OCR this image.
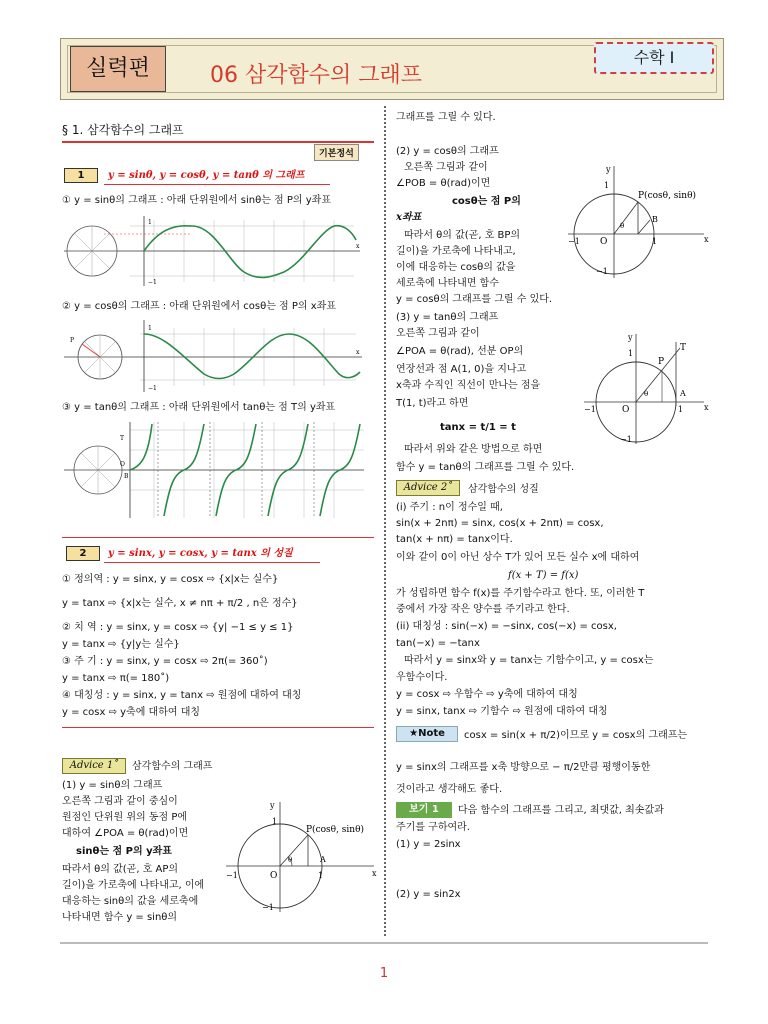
실력편	06 삼각함수의 그래프
수학 Ⅰ
§ 1. 삼각함수의 그래프
기본정석
1	y = sinθ, y = cosθ, y = tanθ 의 그래프
① y = sinθ의 그래프 : 아래 단위원에서 sinθ는 점 P의 y좌표
x
1
−1
② y = cosθ의 그래프 : 아래 단위원에서 cosθ는 점 P의 x좌표
P
1
−1
x
③ y = tanθ의 그래프 : 아래 단위원에서 tanθ는 점 T의 y좌표
T
O
B
2	y = sinx, y = cosx, y = tanx 의 성질
① 정의역 : y = sinx, y = cosx ⇨ {x|x는 실수}
y = tanx ⇨ {x|x는 실수, x ≠ nπ + π/2 , n은 정수}
② 치 역 : y = sinx, y = cosx ⇨ {y| −1 ≤ y ≤ 1}
y = tanx ⇨ {y|y는 실수}
③ 주 기 : y = sinx, y = cosx ⇨ 2π(= 360˚)
y = tanx ⇨ π(= 180˚)
④ 대칭성 : y = sinx, y = tanx ⇨ 원점에 대하여 대칭
y = cosx ⇨ y축에 대하여 대칭
Advice 1˚	삼각함수의 그래프
(1) y = sinθ의 그래프
오른쪽 그림과 같이 중심이
원점인 단위원 위의 동점 P에
대하여 ∠POA = θ(rad)이면
sinθ는 점 P의 y좌표
따라서 θ의 값(곧, 호 AP의
길이)을 가로축에 나타내고, 이에
대응하는 sinθ의 값을 세로축에
나타내면 함수 y = sinθ의
x
y
P(cosθ, sinθ)
O
A
θ
1
−1
1
−1
그래프를 그릴 수 있다.
(2) y = cosθ의 그래프
오른쪽 그림과 같이
∠POB = θ(rad)이면
cosθ는 점 P의
x좌표
따라서 θ의 값(곧, 호 BP의
길이)을 가로축에 나타내고,
이에 대응하는 cosθ의 값을
세로축에 나타내면 함수
y = cosθ의 그래프를 그릴 수 있다.
(3) y = tanθ의 그래프
오른쪽 그림과 같이
∠POA = θ(rad), 선분 OP의
연장선과 점 A(1, 0)을 지나고
x축과 수직인 직선이 만나는 점을
T(1, t)라고 하면
tanx = t/1 = t
따라서 위와 같은 방법으로 하면
함수 y = tanθ의 그래프를 그릴 수 있다.
x
y
P(cosθ, sinθ)
O
B
θ
1
−1
1
−1
x
y
P
T
A
O
θ
1
−1
1
−1
Advice 2˚	삼각함수의 성질
(i) 주기 : n이 정수일 때,
sin(x + 2nπ) = sinx, cos(x + 2nπ) = cosx,
tan(x + nπ) = tanx이다.
이와 같이 0이 아닌 상수 T가 있어 모든 실수 x에 대하여
f(x + T) = f(x)
가 성립하면 함수 f(x)를 주기함수라고 한다. 또, 이러한 T
중에서 가장 작은 양수를 주기라고 한다.
(ii) 대칭성 : sin(−x) = −sinx, cos(−x) = cosx,
tan(−x) = −tanx
따라서 y = sinx와 y = tanx는 기함수이고, y = cosx는
우함수이다.
y = cosx ⇨ 우함수 ⇨ y축에 대하여 대칭
y = sinx, tanx ⇨ 기함수 ⇨ 원점에 대하여 대칭
★Note	cosx = sin(x + π/2)이므로 y = cosx의 그래프는
y = sinx의 그래프를 x축 방향으로 − π/2만큼 평행이동한
것이라고 생각해도 좋다.
보기 1	다음 함수의 그래프를 그리고, 최댓값, 최솟값과
주기를 구하여라.
(1) y = 2sinx
(2) y = sin2x
1
